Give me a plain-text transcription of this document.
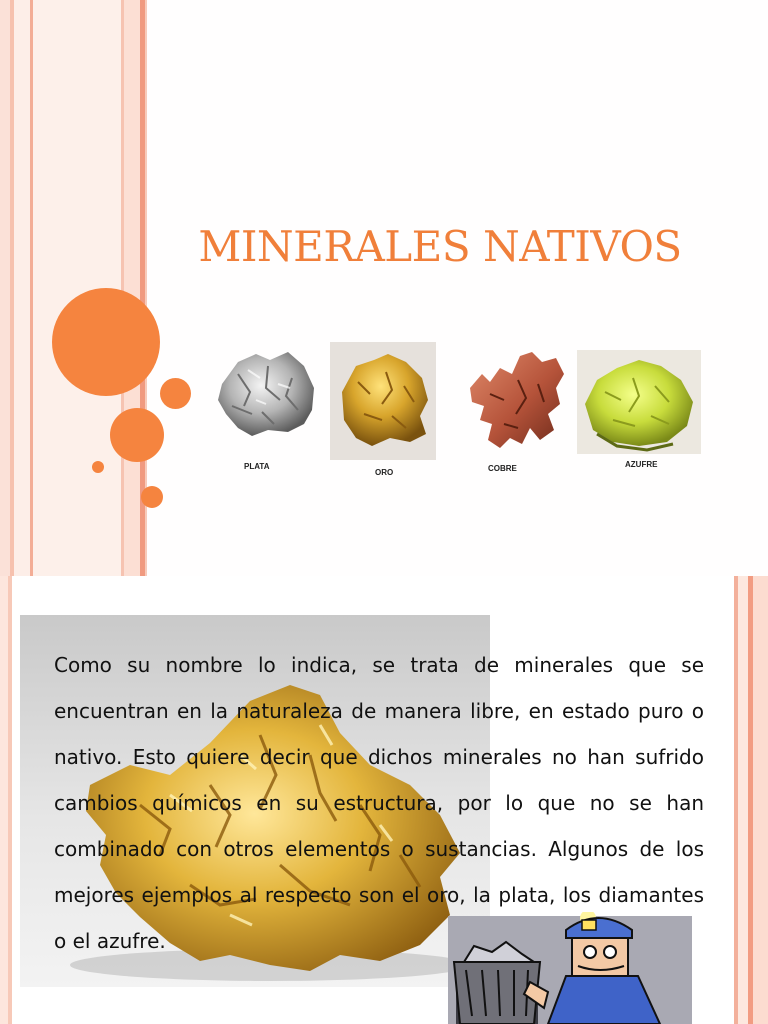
MINERALES NATIVOS
PLATA
ORO	COBRE	AZUFRE

Como su nombre lo indica, se trata de minerales que se encuentran en la naturaleza de manera libre, en estado puro o nativo. Esto quiere decir que dichos minerales no han sufrido cambios químicos en su estructura, por lo que no se han combinado con otros elementos o sustancias. Algunos de los mejores ejemplos al respecto son el oro, la plata, los diamantes o el azufre.
